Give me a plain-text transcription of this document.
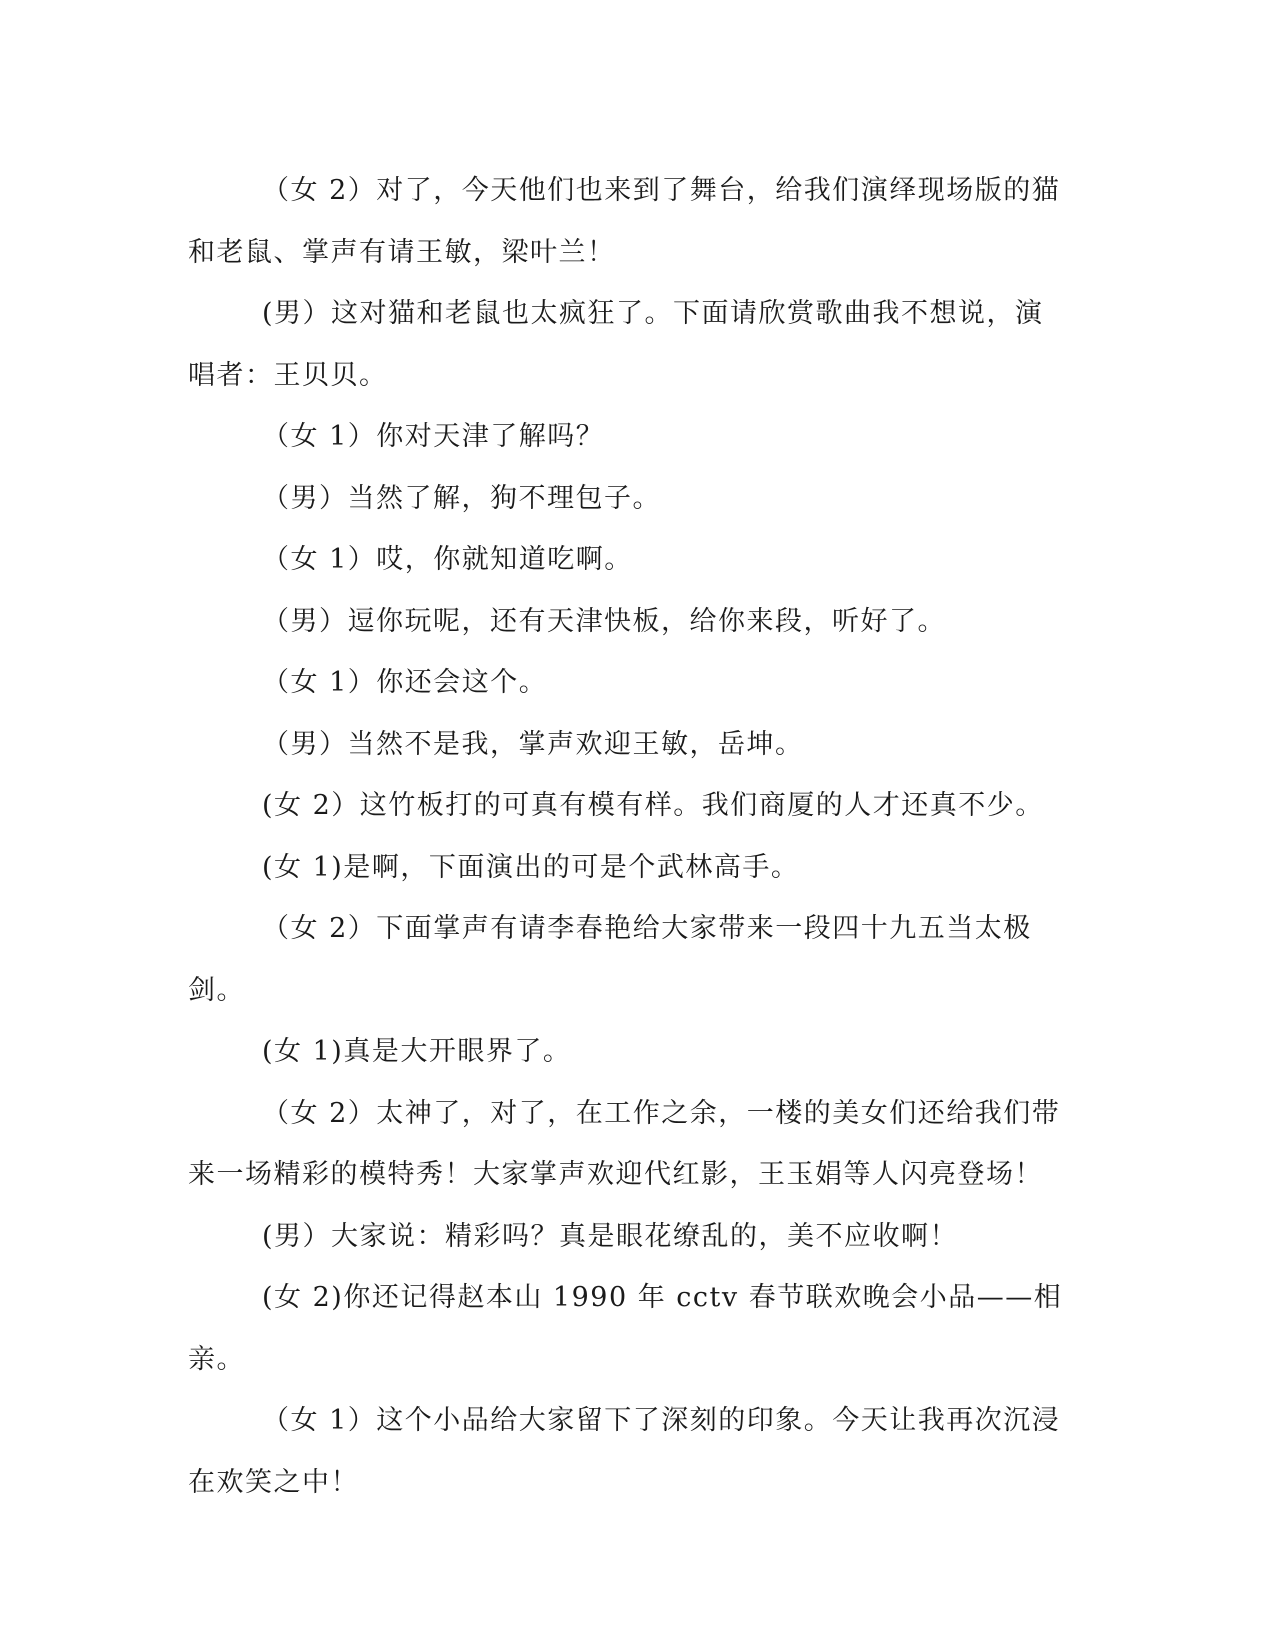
（女 2）对了，今天他们也来到了舞台，给我们演绎现场版的猫和老鼠、掌声有请王敏，梁叶兰！

(男）这对猫和老鼠也太疯狂了。下面请欣赏歌曲我不想说，演唱者：王贝贝。

（女 1）你对天津了解吗？

（男）当然了解，狗不理包子。

（女 1）哎，你就知道吃啊。

（男）逗你玩呢，还有天津快板，给你来段，听好了。

（女 1）你还会这个。

（男）当然不是我，掌声欢迎王敏，岳坤。

(女 2）这竹板打的可真有模有样。我们商厦的人才还真不少。

(女 1)是啊，下面演出的可是个武林高手。

（女 2）下面掌声有请李春艳给大家带来一段四十九五当太极剑。

(女 1)真是大开眼界了。

（女 2）太神了，对了，在工作之余，一楼的美女们还给我们带来一场精彩的模特秀！大家掌声欢迎代红影，王玉娟等人闪亮登场！

(男）大家说：精彩吗？真是眼花缭乱的，美不应收啊！

(女 2)你还记得赵本山 1990 年 cctv 春节联欢晚会小品——相亲。

（女 1）这个小品给大家留下了深刻的印象。今天让我再次沉浸在欢笑之中！
